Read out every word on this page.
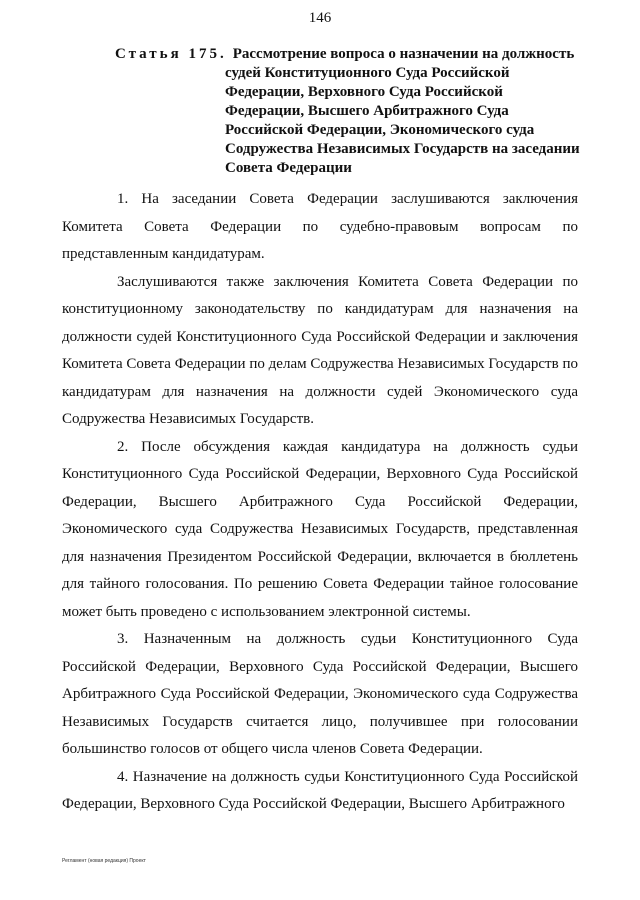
146
Статья 175. Рассмотрение вопроса о назначении на должность судей Конституционного Суда Российской Федерации, Верховного Суда Российской Федерации, Высшего Арбитражного Суда Российской Федерации, Экономического суда Содружества Независимых Государств на заседании Совета Федерации

1. На заседании Совета Федерации заслушиваются заключения Комитета Совета Федерации по судебно-правовым вопросам по представленным кандидатурам.

Заслушиваются также заключения Комитета Совета Федерации по конституционному законодательству по кандидатурам для назначения на должности судей Конституционного Суда Российской Федерации и заключения Комитета Совета Федерации по делам Содружества Независимых Государств по кандидатурам для назначения на должности судей Экономического суда Содружества Независимых Государств.

2. После обсуждения каждая кандидатура на должность судьи Конституционного Суда Российской Федерации, Верховного Суда Российской Федерации, Высшего Арбитражного Суда Российской Федерации, Экономического суда Содружества Независимых Государств, представленная для назначения Президентом Российской Федерации, включается в бюллетень для тайного голосования. По решению Совета Федерации тайное голосование может быть проведено с использованием электронной системы.

3. Назначенным на должность судьи Конституционного Суда Российской Федерации, Верховного Суда Российской Федерации, Высшего Арбитражного Суда Российской Федерации, Экономического суда Содружества Независимых Государств считается лицо, получившее при голосовании большинство голосов от общего числа членов Совета Федерации.

4. Назначение на должность судьи Конституционного Суда Российской Федерации, Верховного Суда Российской Федерации, Высшего Арбитражного

Регламент (новая редакция) Проект
